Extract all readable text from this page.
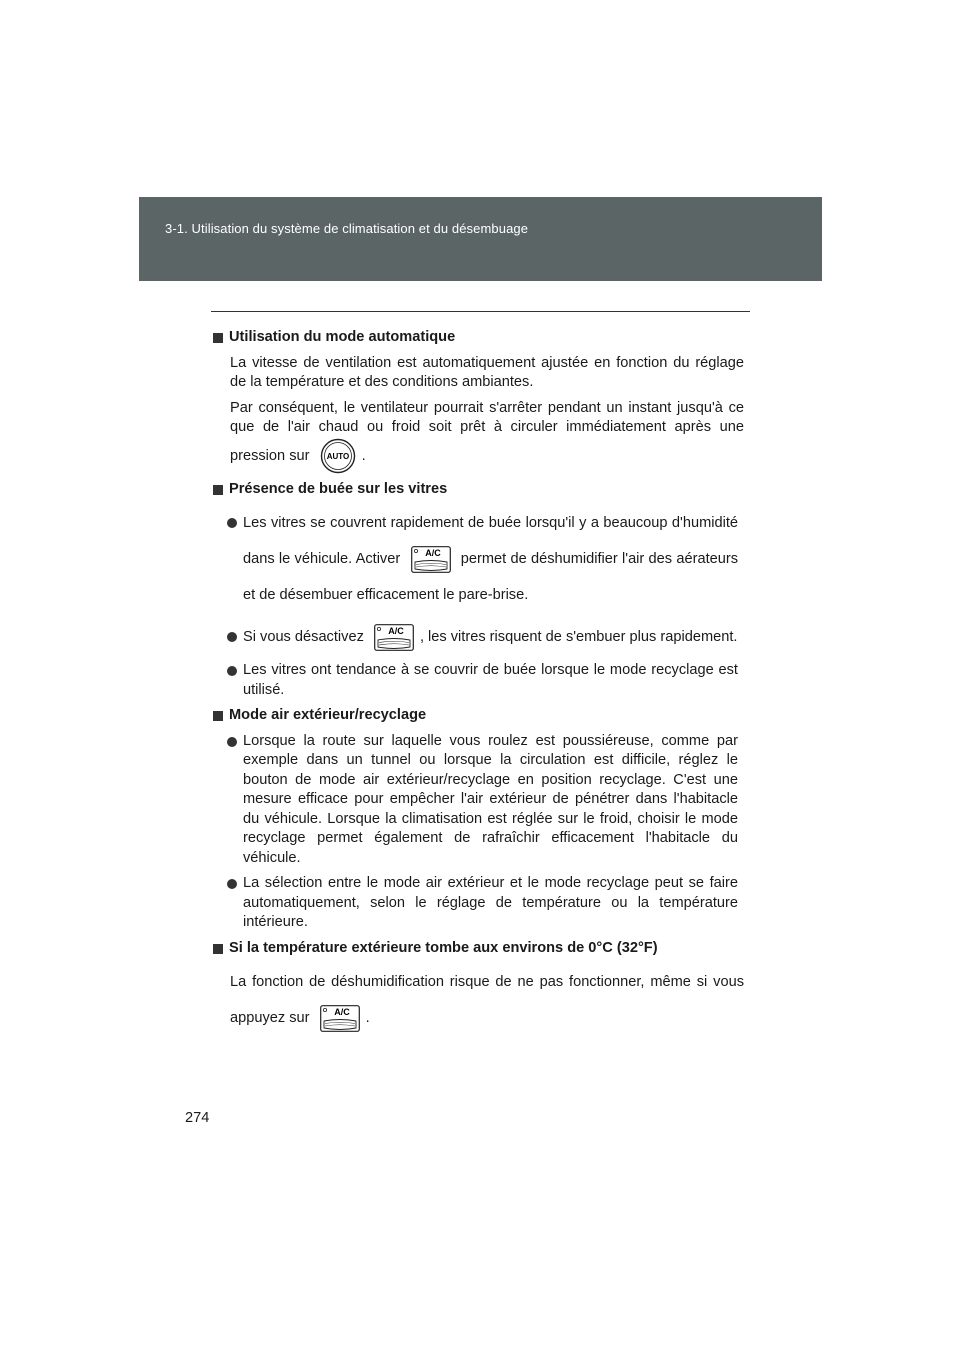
3-1. Utilisation du système de climatisation et du désembuage
Utilisation du mode automatique
La vitesse de ventilation est automatiquement ajustée en fonction du réglage de la température et des conditions ambiantes.
Par conséquent, le ventilateur pourrait s'arrêter pendant un instant jusqu'à ce que de l'air chaud ou froid soit prêt à circuler immédiatement après une pression sur AUTO .
Présence de buée sur les vitres
Les vitres se couvrent rapidement de buée lorsqu'il y a beaucoup d'humidité dans le véhicule. Activer	A/C permet de déshumidifier l'air des aérateurs et de désembuer efficacement le pare-brise.
Si vous désactivez	A/C , les vitres risquent de s'embuer plus rapidement.
Les vitres ont tendance à se couvrir de buée lorsque le mode recyclage est utilisé.
Mode air extérieur/recyclage
Lorsque la route sur laquelle vous roulez est poussiéreuse, comme par exemple dans un tunnel ou lorsque la circulation est difficile, réglez le bouton de mode air extérieur/recyclage en position recyclage. C'est une mesure efficace pour empêcher l'air extérieur de pénétrer dans l'habitacle du véhicule. Lorsque la climatisation est réglée sur le froid, choisir le mode recyclage permet également de rafraîchir efficacement l'habitacle du véhicule.
La sélection entre le mode air extérieur et le mode recyclage peut se faire automatiquement, selon le réglage de température ou la température intérieure.
Si la température extérieure tombe aux environs de 0°C (32°F)
La fonction de déshumidification risque de ne pas fonctionner, même si vous appuyez sur	A/C .
274
